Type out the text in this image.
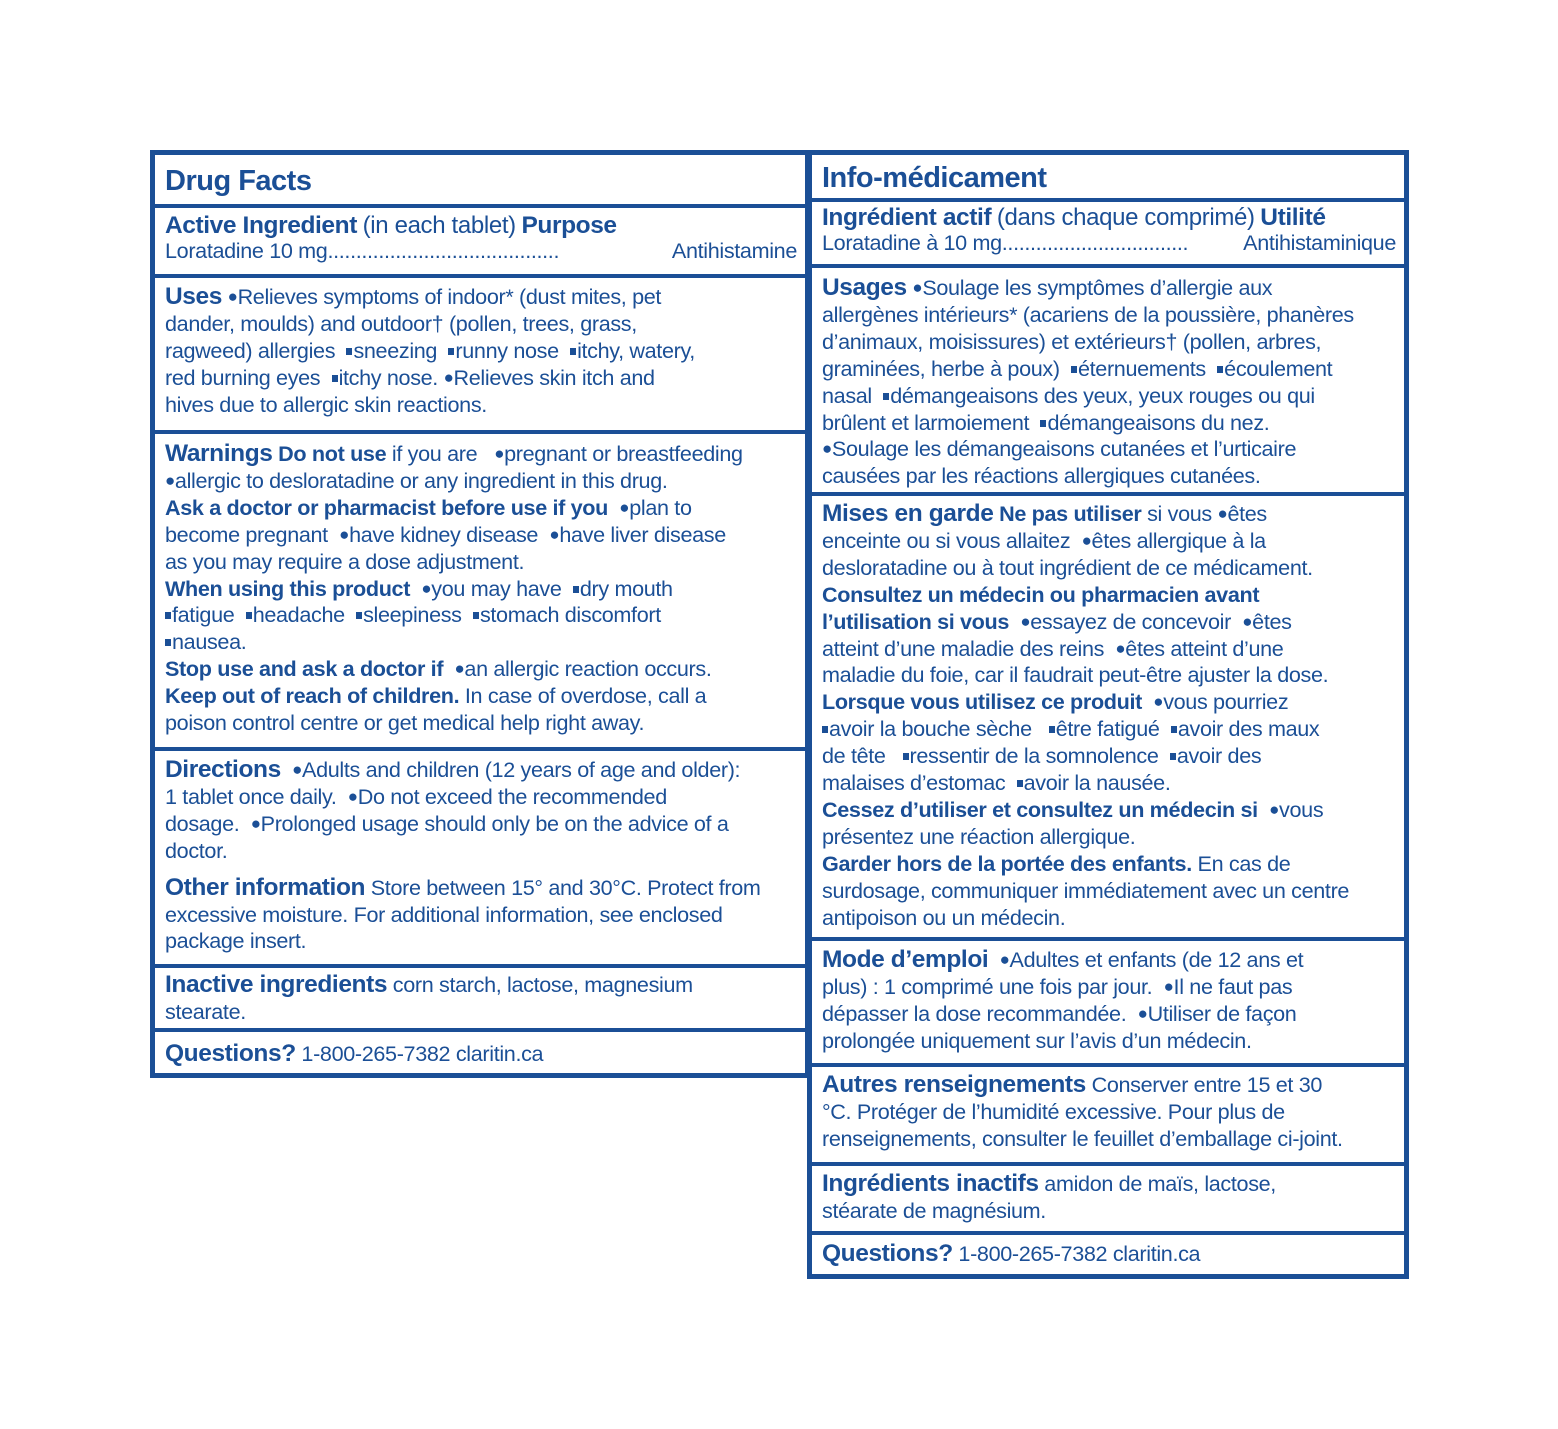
Drug Facts
Active Ingredient (in each tablet) Purpose
Loratadine 10 mg.........................................	Antihistamine
Uses ●Relieves symptoms of indoor* (dust mites, pet
dander, moulds) and outdoor† (pollen, trees, grass,
ragweed) allergies sneezing runny nose itchy, watery,
red burning eyes itchy nose. ●Relieves skin itch and
hives due to allergic skin reactions.
Warnings Do not use if you are ●pregnant or breastfeeding
●allergic to desloratadine or any ingredient in this drug.
Ask a doctor or pharmacist before use if you ●plan to
become pregnant ●have kidney disease ●have liver disease
as you may require a dose adjustment.
When using this product ●you may have dry mouth
fatigue headache sleepiness stomach discomfort
nausea.
Stop use and ask a doctor if ●an allergic reaction occurs.
Keep out of reach of children. In case of overdose, call a
poison control centre or get medical help right away.
Directions ●Adults and children (12 years of age and older):
1 tablet once daily. ●Do not exceed the recommended
dosage. ●Prolonged usage should only be on the advice of a
doctor.
Other information Store between 15° and 30°C. Protect from
excessive moisture. For additional information, see enclosed
package insert.
Inactive ingredients corn starch, lactose, magnesium
stearate.
Questions? 1-800-265-7382 claritin.ca
Info-médicament
Ingrédient actif (dans chaque comprimé) Utilité
Loratadine à 10 mg.................................	Antihistaminique
Usages ●Soulage les symptômes d’allergie aux
allergènes intérieurs* (acariens de la poussière, phanères
d’animaux, moisissures) et extérieurs† (pollen, arbres,
graminées, herbe à poux) éternuements écoulement
nasal démangeaisons des yeux, yeux rouges ou qui
brûlent et larmoiement démangeaisons du nez.
●Soulage les démangeaisons cutanées et l’urticaire
causées par les réactions allergiques cutanées.
Mises en garde Ne pas utiliser si vous ●êtes
enceinte ou si vous allaitez ●êtes allergique à la
desloratadine ou à tout ingrédient de ce médicament.
Consultez un médecin ou pharmacien avant
l’utilisation si vous ●essayez de concevoir ●êtes
atteint d’une maladie des reins ●êtes atteint d’une
maladie du foie, car il faudrait peut-être ajuster la dose.
Lorsque vous utilisez ce produit ●vous pourriez
avoir la bouche sèche être fatigué avoir des maux
de tête ressentir de la somnolence avoir des
malaises d’estomac avoir la nausée.
Cessez d’utiliser et consultez un médecin si ●vous
présentez une réaction allergique.
Garder hors de la portée des enfants. En cas de
surdosage, communiquer immédiatement avec un centre
antipoison ou un médecin.
Mode d’emploi ●Adultes et enfants (de 12 ans et
plus) : 1 comprimé une fois par jour. ●Il ne faut pas
dépasser la dose recommandée. ●Utiliser de façon
prolongée uniquement sur l’avis d’un médecin.
Autres renseignements Conserver entre 15 et 30
°C. Protéger de l’humidité excessive. Pour plus de
renseignements, consulter le feuillet d’emballage ci-joint.
Ingrédients inactifs amidon de maïs, lactose,
stéarate de magnésium.
Questions? 1-800-265-7382 claritin.ca
